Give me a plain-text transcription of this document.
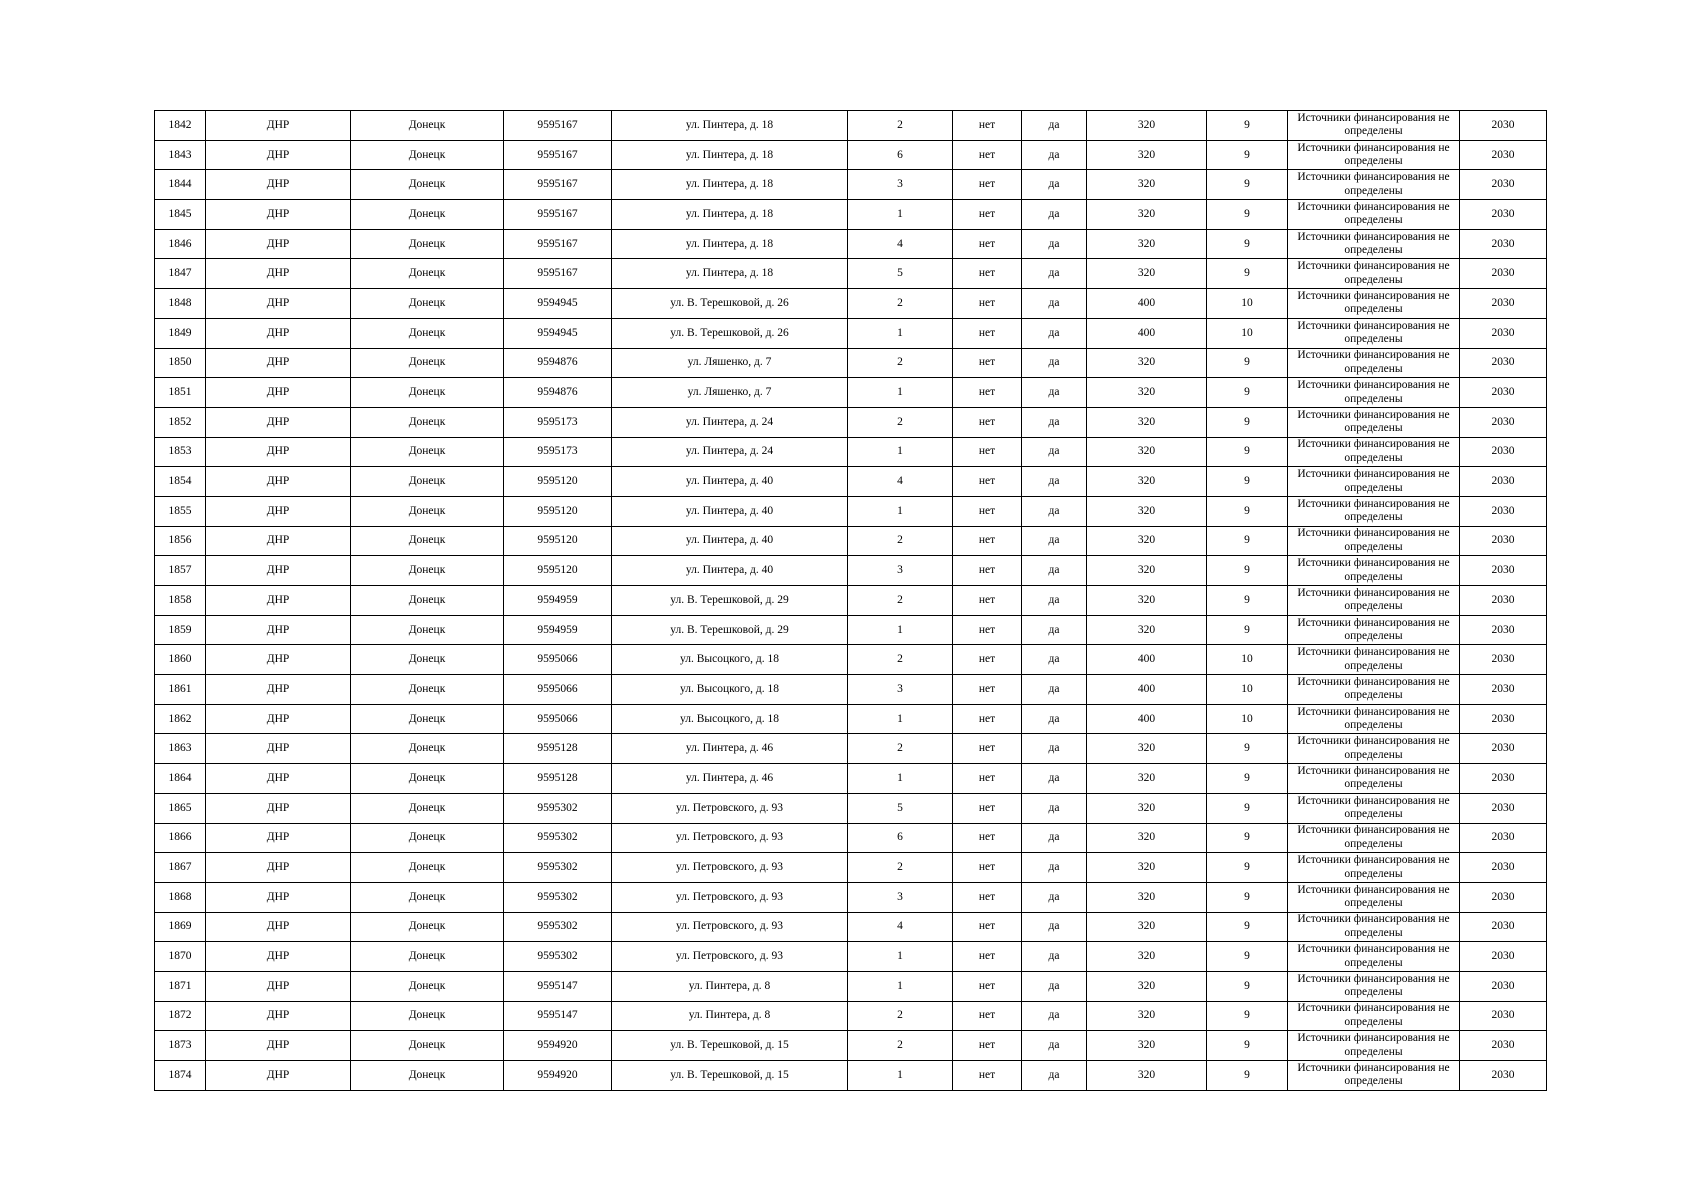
1842	ДНР	Донецк	9595167	ул. Пинтера, д. 18	2	нет	да	320	9	Источники финансирования не определены	2030
1843	ДНР	Донецк	9595167	ул. Пинтера, д. 18	6	нет	да	320	9	Источники финансирования не определены	2030
1844	ДНР	Донецк	9595167	ул. Пинтера, д. 18	3	нет	да	320	9	Источники финансирования не определены	2030
1845	ДНР	Донецк	9595167	ул. Пинтера, д. 18	1	нет	да	320	9	Источники финансирования не определены	2030
1846	ДНР	Донецк	9595167	ул. Пинтера, д. 18	4	нет	да	320	9	Источники финансирования не определены	2030
1847	ДНР	Донецк	9595167	ул. Пинтера, д. 18	5	нет	да	320	9	Источники финансирования не определены	2030
1848	ДНР	Донецк	9594945	ул. В. Терешковой, д. 26	2	нет	да	400	10	Источники финансирования не определены	2030
1849	ДНР	Донецк	9594945	ул. В. Терешковой, д. 26	1	нет	да	400	10	Источники финансирования не определены	2030
1850	ДНР	Донецк	9594876	ул. Ляшенко, д. 7	2	нет	да	320	9	Источники финансирования не определены	2030
1851	ДНР	Донецк	9594876	ул. Ляшенко, д. 7	1	нет	да	320	9	Источники финансирования не определены	2030
1852	ДНР	Донецк	9595173	ул. Пинтера, д. 24	2	нет	да	320	9	Источники финансирования не определены	2030
1853	ДНР	Донецк	9595173	ул. Пинтера, д. 24	1	нет	да	320	9	Источники финансирования не определены	2030
1854	ДНР	Донецк	9595120	ул. Пинтера, д. 40	4	нет	да	320	9	Источники финансирования не определены	2030
1855	ДНР	Донецк	9595120	ул. Пинтера, д. 40	1	нет	да	320	9	Источники финансирования не определены	2030
1856	ДНР	Донецк	9595120	ул. Пинтера, д. 40	2	нет	да	320	9	Источники финансирования не определены	2030
1857	ДНР	Донецк	9595120	ул. Пинтера, д. 40	3	нет	да	320	9	Источники финансирования не определены	2030
1858	ДНР	Донецк	9594959	ул. В. Терешковой, д. 29	2	нет	да	320	9	Источники финансирования не определены	2030
1859	ДНР	Донецк	9594959	ул. В. Терешковой, д. 29	1	нет	да	320	9	Источники финансирования не определены	2030
1860	ДНР	Донецк	9595066	ул. Высоцкого, д. 18	2	нет	да	400	10	Источники финансирования не определены	2030
1861	ДНР	Донецк	9595066	ул. Высоцкого, д. 18	3	нет	да	400	10	Источники финансирования не определены	2030
1862	ДНР	Донецк	9595066	ул. Высоцкого, д. 18	1	нет	да	400	10	Источники финансирования не определены	2030
1863	ДНР	Донецк	9595128	ул. Пинтера, д. 46	2	нет	да	320	9	Источники финансирования не определены	2030
1864	ДНР	Донецк	9595128	ул. Пинтера, д. 46	1	нет	да	320	9	Источники финансирования не определены	2030
1865	ДНР	Донецк	9595302	ул. Петровского, д. 93	5	нет	да	320	9	Источники финансирования не определены	2030
1866	ДНР	Донецк	9595302	ул. Петровского, д. 93	6	нет	да	320	9	Источники финансирования не определены	2030
1867	ДНР	Донецк	9595302	ул. Петровского, д. 93	2	нет	да	320	9	Источники финансирования не определены	2030
1868	ДНР	Донецк	9595302	ул. Петровского, д. 93	3	нет	да	320	9	Источники финансирования не определены	2030
1869	ДНР	Донецк	9595302	ул. Петровского, д. 93	4	нет	да	320	9	Источники финансирования не определены	2030
1870	ДНР	Донецк	9595302	ул. Петровского, д. 93	1	нет	да	320	9	Источники финансирования не определены	2030
1871	ДНР	Донецк	9595147	ул. Пинтера, д. 8	1	нет	да	320	9	Источники финансирования не определены	2030
1872	ДНР	Донецк	9595147	ул. Пинтера, д. 8	2	нет	да	320	9	Источники финансирования не определены	2030
1873	ДНР	Донецк	9594920	ул. В. Терешковой, д. 15	2	нет	да	320	9	Источники финансирования не определены	2030
1874	ДНР	Донецк	9594920	ул. В. Терешковой, д. 15	1	нет	да	320	9	Источники финансирования не определены	2030
